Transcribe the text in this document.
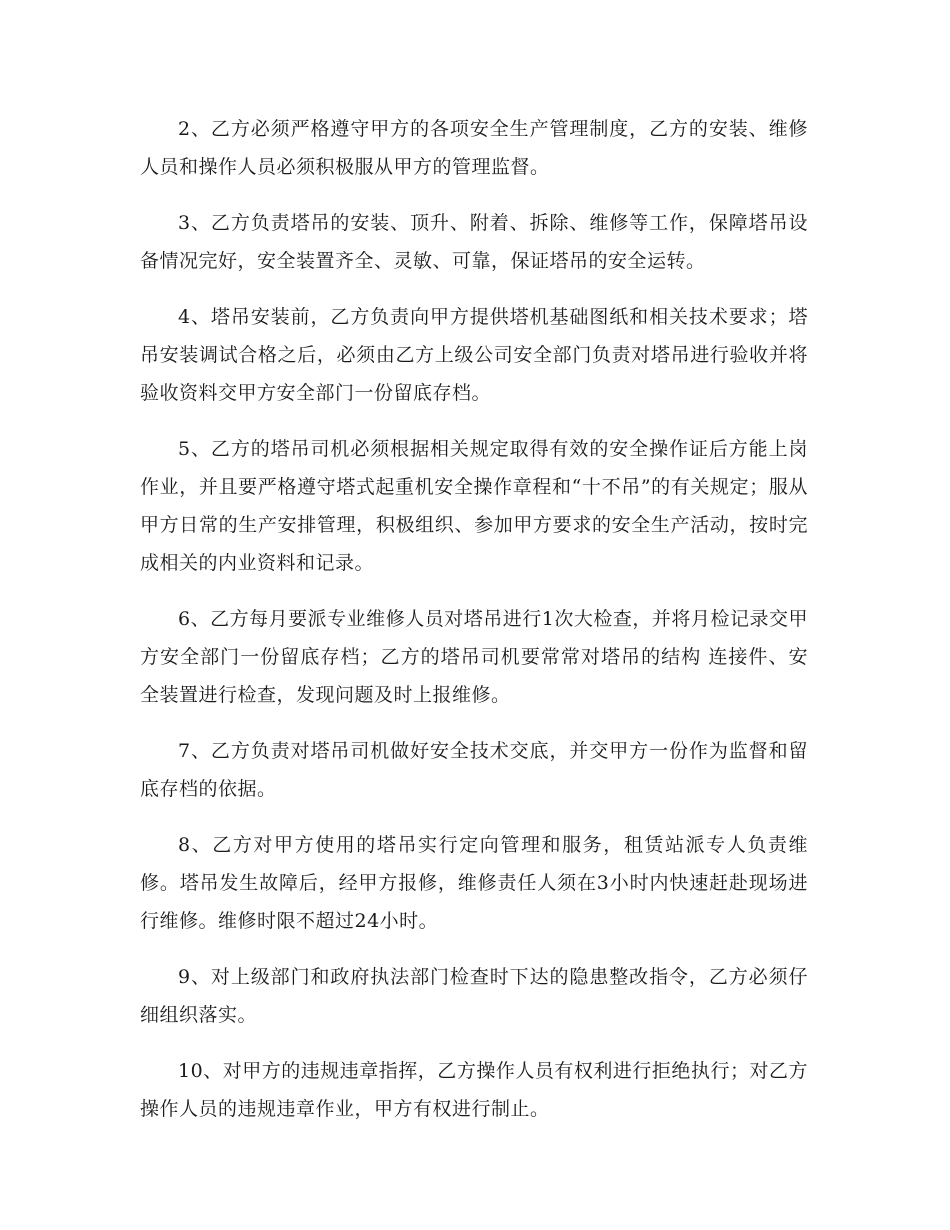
2、乙方必须严格遵守甲方的各项安全生产管理制度，乙方的安装、维修人员和操作人员必须积极服从甲方的管理监督。

3、乙方负责塔吊的安装、顶升、附着、拆除、维修等工作，保障塔吊设备情况完好，安全装置齐全、灵敏、可靠，保证塔吊的安全运转。

4、塔吊安装前，乙方负责向甲方提供塔机基础图纸和相关技术要求；塔吊安装调试合格之后，必须由乙方上级公司安全部门负责对塔吊进行验收并将验收资料交甲方安全部门一份留底存档。

5、乙方的塔吊司机必须根据相关规定取得有效的安全操作证后方能上岗作业，并且要严格遵守塔式起重机安全操作章程和“十不吊”的有关规定；服从甲方日常的生产安排管理，积极组织、参加甲方要求的安全生产活动，按时完成相关的内业资料和记录。

6、乙方每月要派专业维修人员对塔吊进行1次大检查，并将月检记录交甲方安全部门一份留底存档；乙方的塔吊司机要常常对塔吊的结构 连接件、安全装置进行检查，发现问题及时上报维修。

7、乙方负责对塔吊司机做好安全技术交底，并交甲方一份作为监督和留底存档的依据。

8、乙方对甲方使用的塔吊实行定向管理和服务，租赁站派专人负责维修。塔吊发生故障后，经甲方报修，维修责任人须在3小时内快速赶赴现场进行维修。维修时限不超过24小时。

9、对上级部门和政府执法部门检查时下达的隐患整改指令，乙方必须仔细组织落实。

10、对甲方的违规违章指挥，乙方操作人员有权利进行拒绝执行；对乙方操作人员的违规违章作业，甲方有权进行制止。
